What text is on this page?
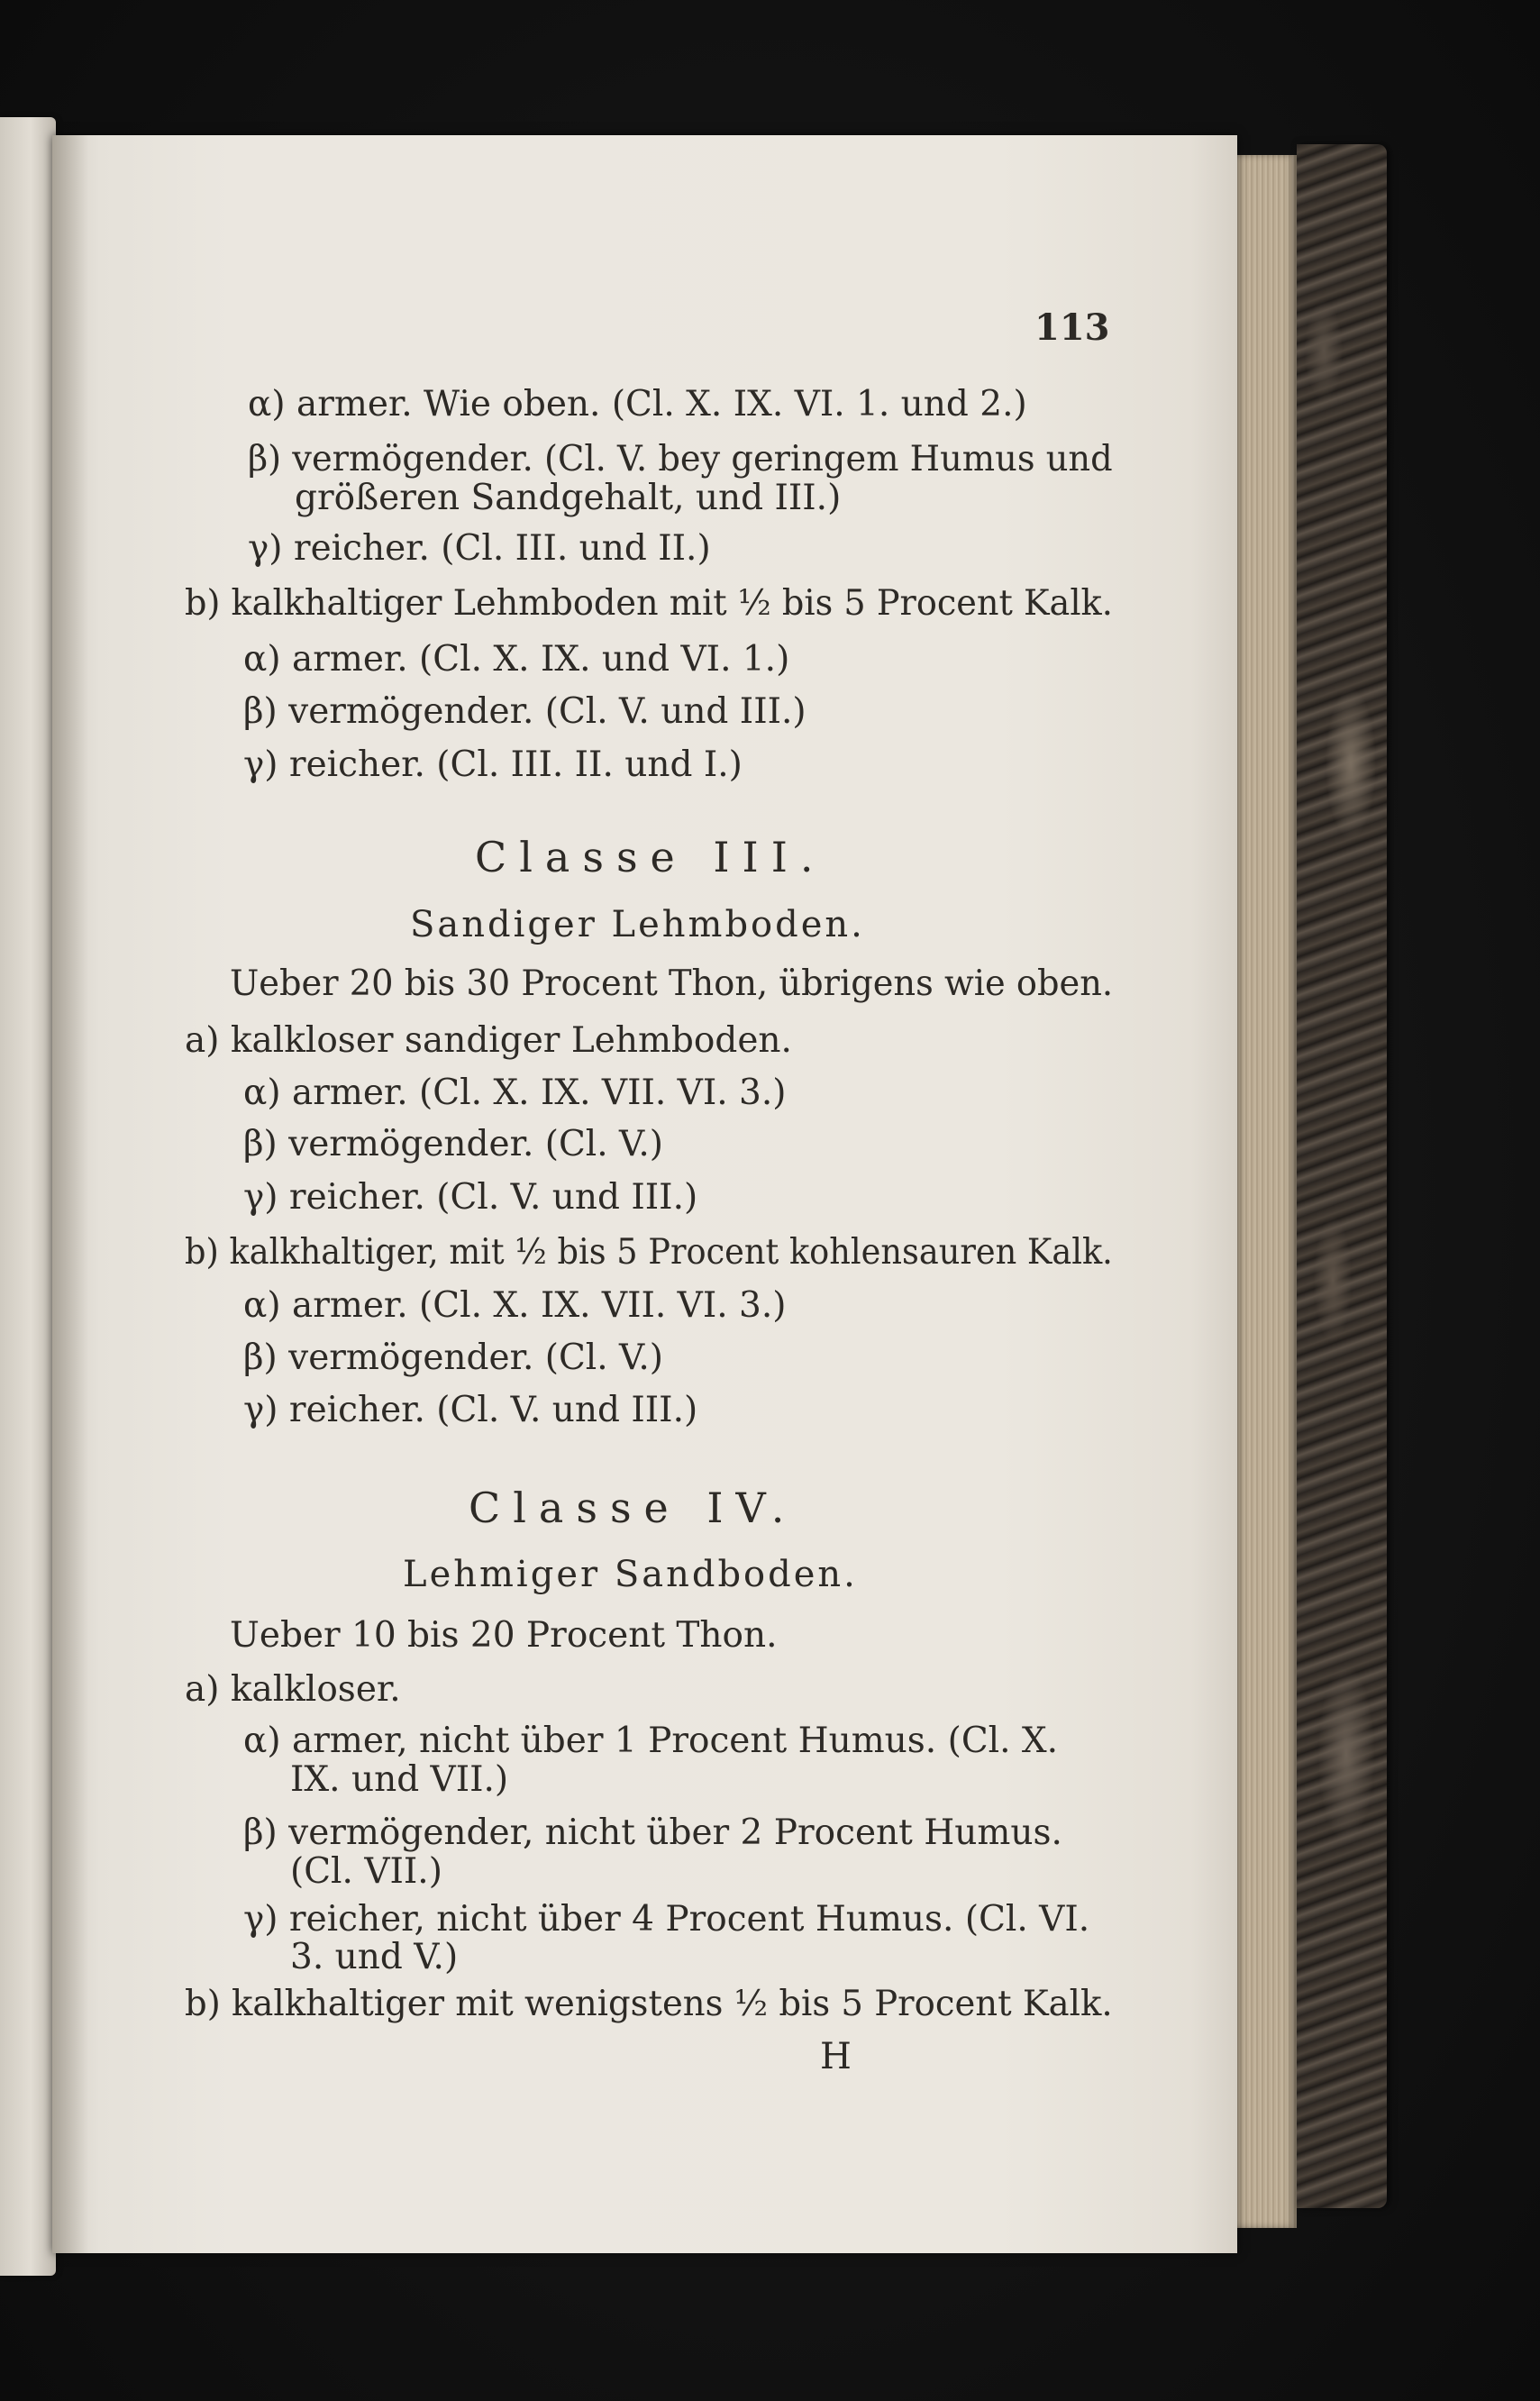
113
α) armer. Wie oben. (Cl. X. IX. VI. 1. und 2.)
β) vermögender. (Cl. V. bey geringem Humus und
größeren Sandgehalt, und III.)
γ) reicher. (Cl. III. und II.)
b) kalkhaltiger Lehmboden mit ½ bis 5 Procent Kalk.
α) armer. (Cl. X. IX. und VI. 1.)
β) vermögender. (Cl. V. und III.)
γ) reicher. (Cl. III. II. und I.)
Classe III.
Sandiger Lehmboden.
Ueber 20 bis 30 Procent Thon, übrigens wie oben.
a) kalkloser sandiger Lehmboden.
α) armer. (Cl. X. IX. VII. VI. 3.)
β) vermögender. (Cl. V.)
γ) reicher. (Cl. V. und III.)
b) kalkhaltiger, mit ½ bis 5 Procent kohlensauren Kalk.
α) armer. (Cl. X. IX. VII. VI. 3.)
β) vermögender. (Cl. V.)
γ) reicher. (Cl. V. und III.)
Classe IV.
Lehmiger Sandboden.
Ueber 10 bis 20 Procent Thon.
a) kalkloser.
α) armer, nicht über 1 Procent Humus. (Cl. X.
IX. und VII.)
β) vermögender, nicht über 2 Procent Humus.
(Cl. VII.)
γ) reicher, nicht über 4 Procent Humus. (Cl. VI.
3. und V.)
b) kalkhaltiger mit wenigstens ½ bis 5 Procent Kalk.
H
